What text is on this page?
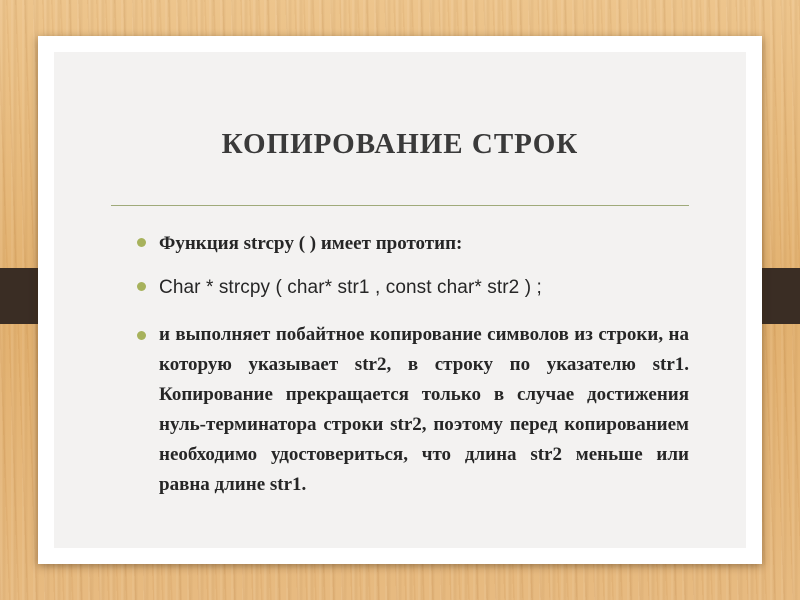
КОПИРОВАНИЕ СТРОК
Функция strcpy ( ) имеет прототип:
Char * strcpy ( char* str1 , const char* str2 ) ;
и выполняет побайтное копирование символов из строки, на которую указывает str2, в строку по указателю str1. Копирование прекращается только в случае достижения нуль-терминатора строки str2, поэтому перед копированием необходимо удостовериться, что длина str2 меньше или равна длине str1.
